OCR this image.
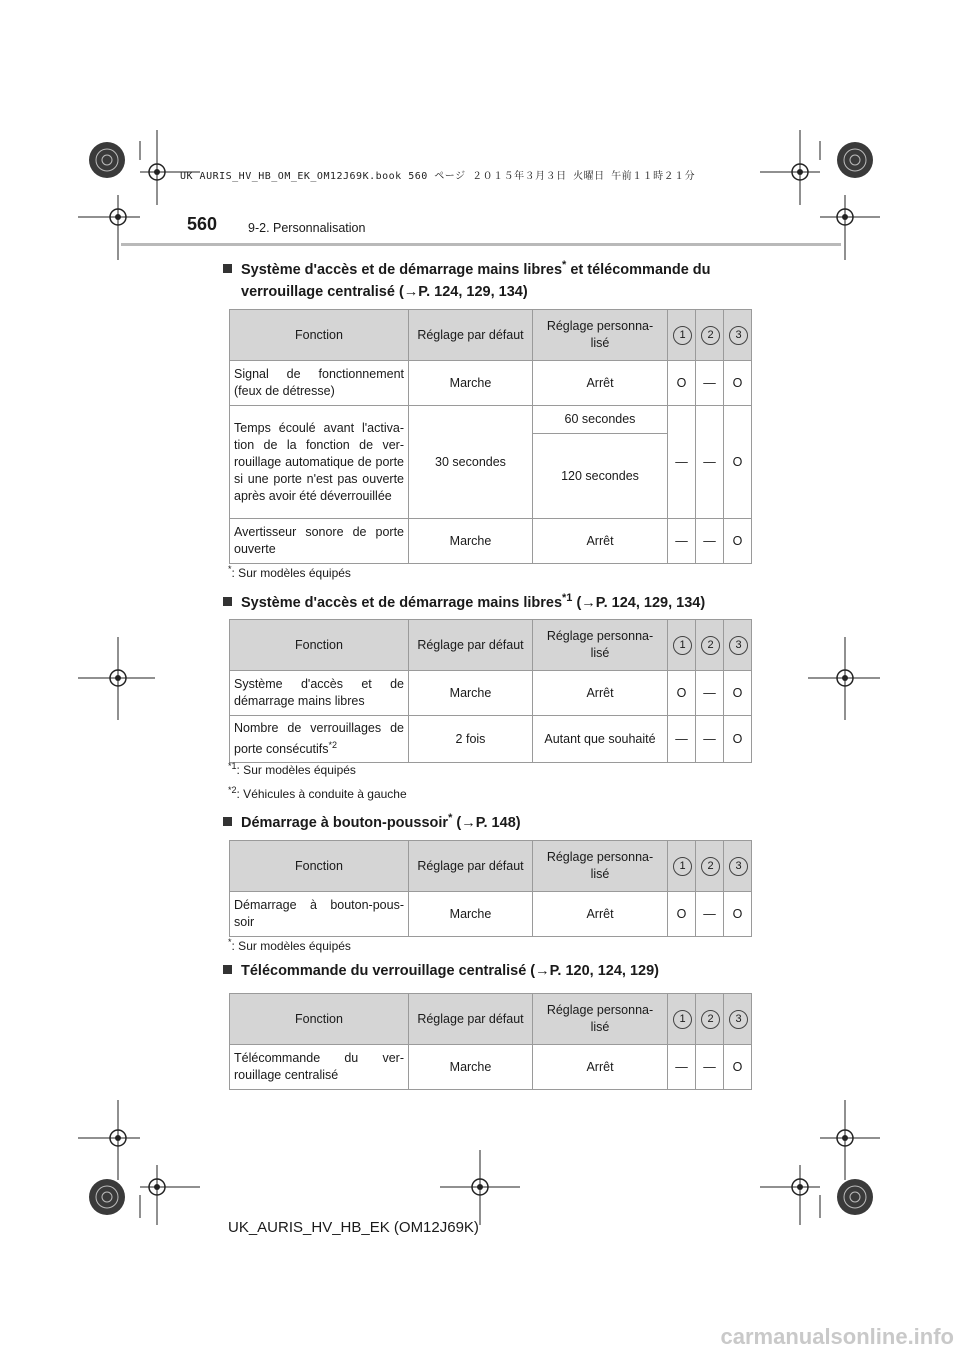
UK AURIS_HV_HB_OM_EK_OM12J69K.book 560 ページ ２０１５年３月３日 火曜日 午前１１時２１分
560 9-2. Personnalisation
Système d'accès et de démarrage mains libres* et télécommande du
verrouillage centralisé (→P. 124, 129, 134)
Fonction	Réglage par défaut	Réglage personna-lisé	1	2	3
Signal de fonctionnement (feux de détresse)	Marche	Arrêt	O	—	O
Temps écoulé avant l'activa-tion de la fonction de ver-rouillage automatique de porte si une porte n'est pas ouverte après avoir été déverrouillée	30 secondes	60 secondes	—	—	O
		120 secondes			
Avertisseur sonore de porte ouverte	Marche	Arrêt	—	—	O
*: Sur modèles équipés
Système d'accès et de démarrage mains libres$^{*1}$ (→P. 124, 129, 134)
Fonction	Réglage par défaut	Réglage personna-lisé	1	2	3
Système d'accès et de démarrage mains libres	Marche	Arrêt	O	—	O
Nombre de verrouillages de porte consécutifs$^{*2}$	2 fois	Autant que souhaité	—	—	O
$^{*1}$: Sur modèles équipés
$^{*2}$: Véhicules à conduite à gauche
Démarrage à bouton-poussoir* (→P. 148)
Fonction	Réglage par défaut	Réglage personna-lisé	1	2	3
Démarrage à bouton-pous-soir	Marche	Arrêt	O	—	O
*: Sur modèles équipés
Télécommande du verrouillage centralisé (→P. 120, 124, 129)
Fonction	Réglage par défaut	Réglage personna-lisé	1	2	3
Télécommande du ver-rouillage centralisé	Marche	Arrêt	—	—	O
UK_AURIS_HV_HB_EK (OM12J69K)
carmanualsonline.info
